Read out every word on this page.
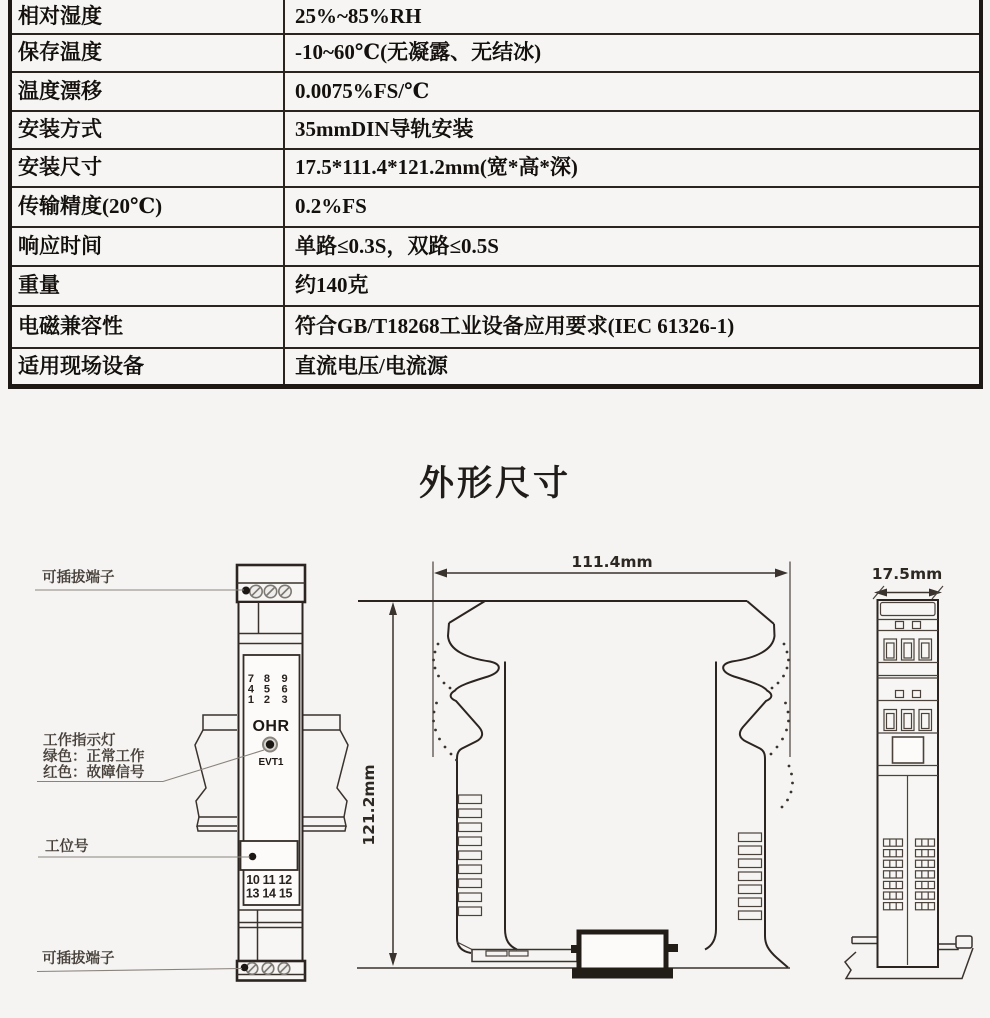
相对湿度	25%~85%RH
保存温度	-10~60℃(无凝露、无结冰)
温度漂移	0.0075%FS/℃
安装方式	35mmDIN导轨安装
安装尺寸	17.5*111.4*121.2mm(宽*高*深)
传输精度(20℃)	0.2%FS
响应时间	单路≤0.3S，双路≤0.5S
重量	约140克
电磁兼容性	符合GB/T18268工业设备应用要求(IEC 61326-1)
适用现场设备	直流电压/电流源
外形尺寸
7 8 9
4 5 6
1 2 3
OHR
EVT1
10 11 12
13 14 15
可插拔端子
工作指示灯
绿色：正常工作
红色：故障信号
工位号
可插拔端子
111.4mm
121.2mm
17.5mm
